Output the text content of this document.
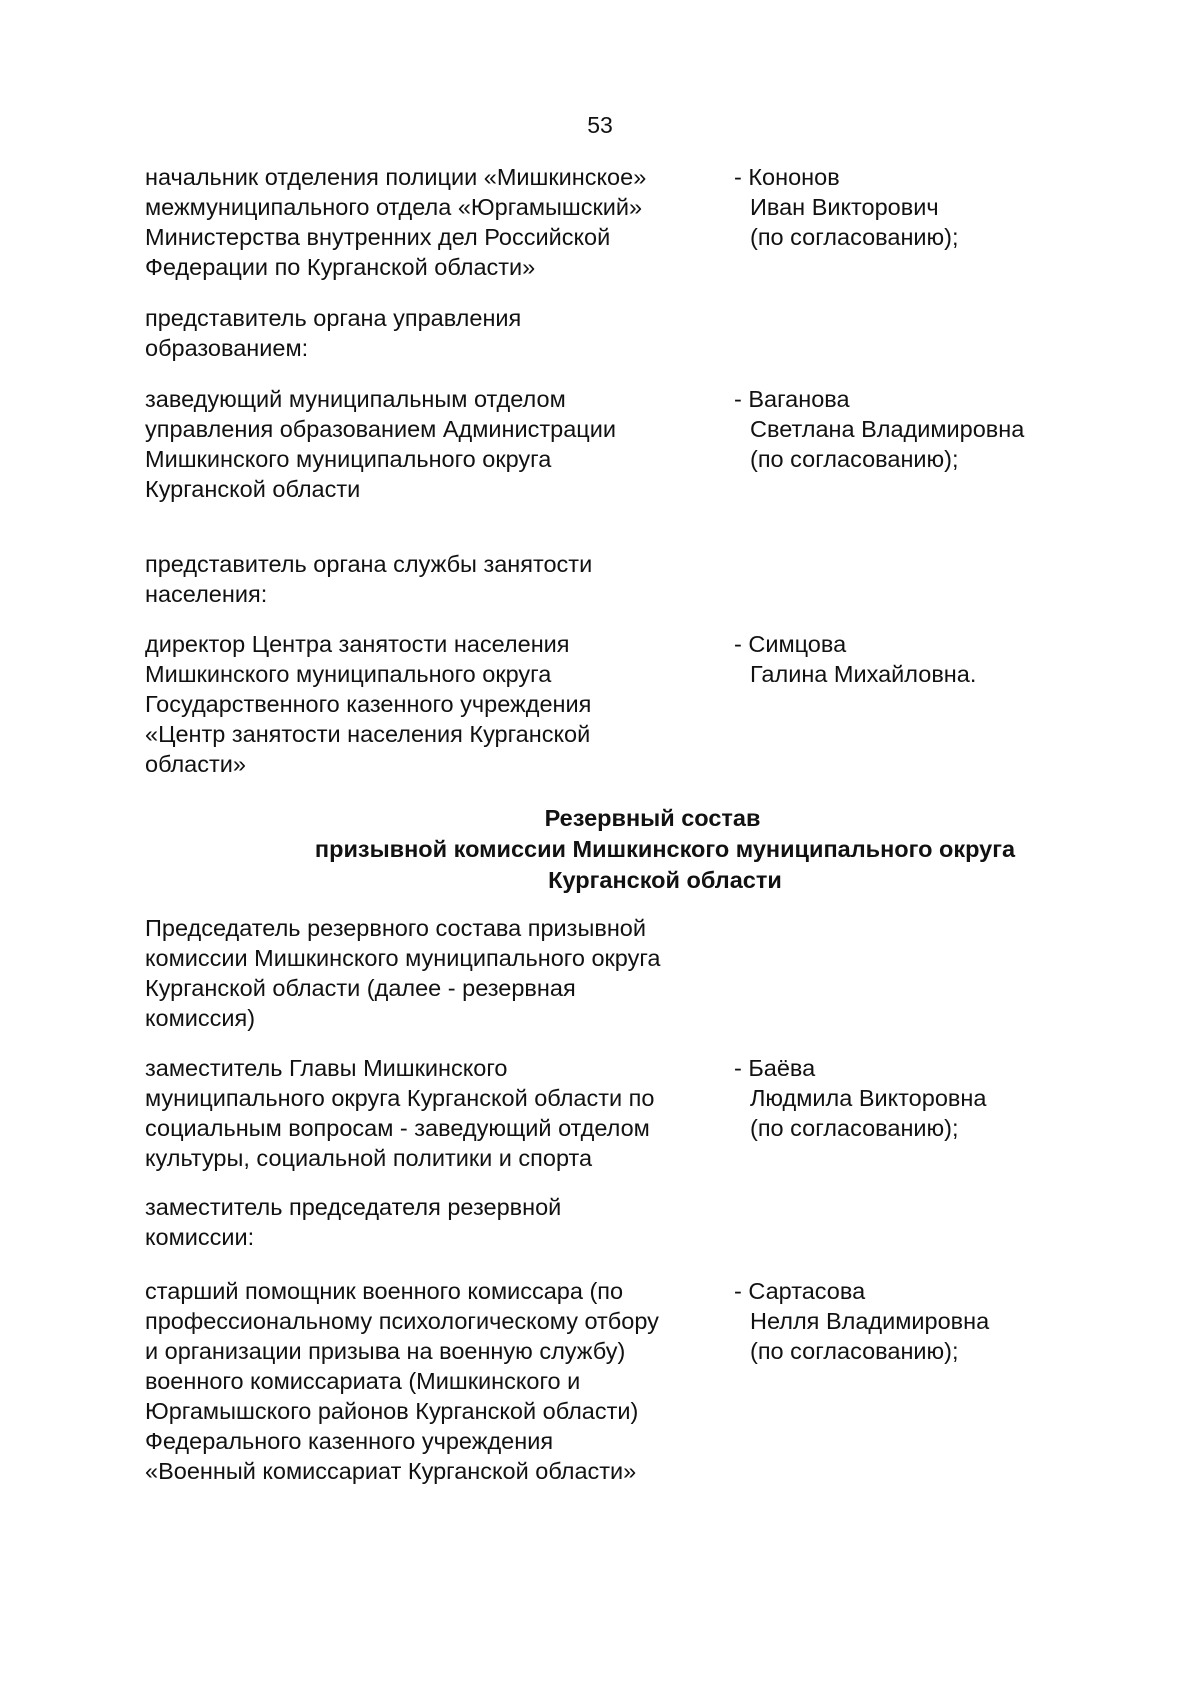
53
начальник отделения полиции «Мишкинское»
межмуниципального отдела «Юргамышский»
Министерства внутренних дел Российской
Федерации по Курганской области»
- Кононов
Иван Викторович
(по согласованию);
представитель органа управления
образованием:
заведующий муниципальным отделом
управления образованием Администрации
Мишкинского муниципального округа
Курганской области
- Ваганова
Светлана Владимировна
(по согласованию);
представитель органа службы занятости
населения:
директор Центра занятости населения
Мишкинского муниципального округа
Государственного казенного учреждения
«Центр занятости населения Курганской
области»
- Симцова
Галина Михайловна.
Резервный состав
призывной комиссии Мишкинского муниципального округа
Курганской области
Председатель резервного состава призывной
комиссии Мишкинского муниципального округа
Курганской области (далее - резервная
комиссия)
заместитель Главы Мишкинского
муниципального округа Курганской области по
социальным вопросам - заведующий отделом
культуры, социальной политики и спорта
- Баёва
Людмила Викторовна
(по согласованию);
заместитель председателя резервной
комиссии:
старший помощник военного комиссара (по
профессиональному психологическому отбору
и организации призыва на военную службу)
военного комиссариата (Мишкинского и
Юргамышского районов Курганской области)
Федерального казенного учреждения
«Военный комиссариат Курганской области»
- Сартасова
Нелля Владимировна
(по согласованию);
